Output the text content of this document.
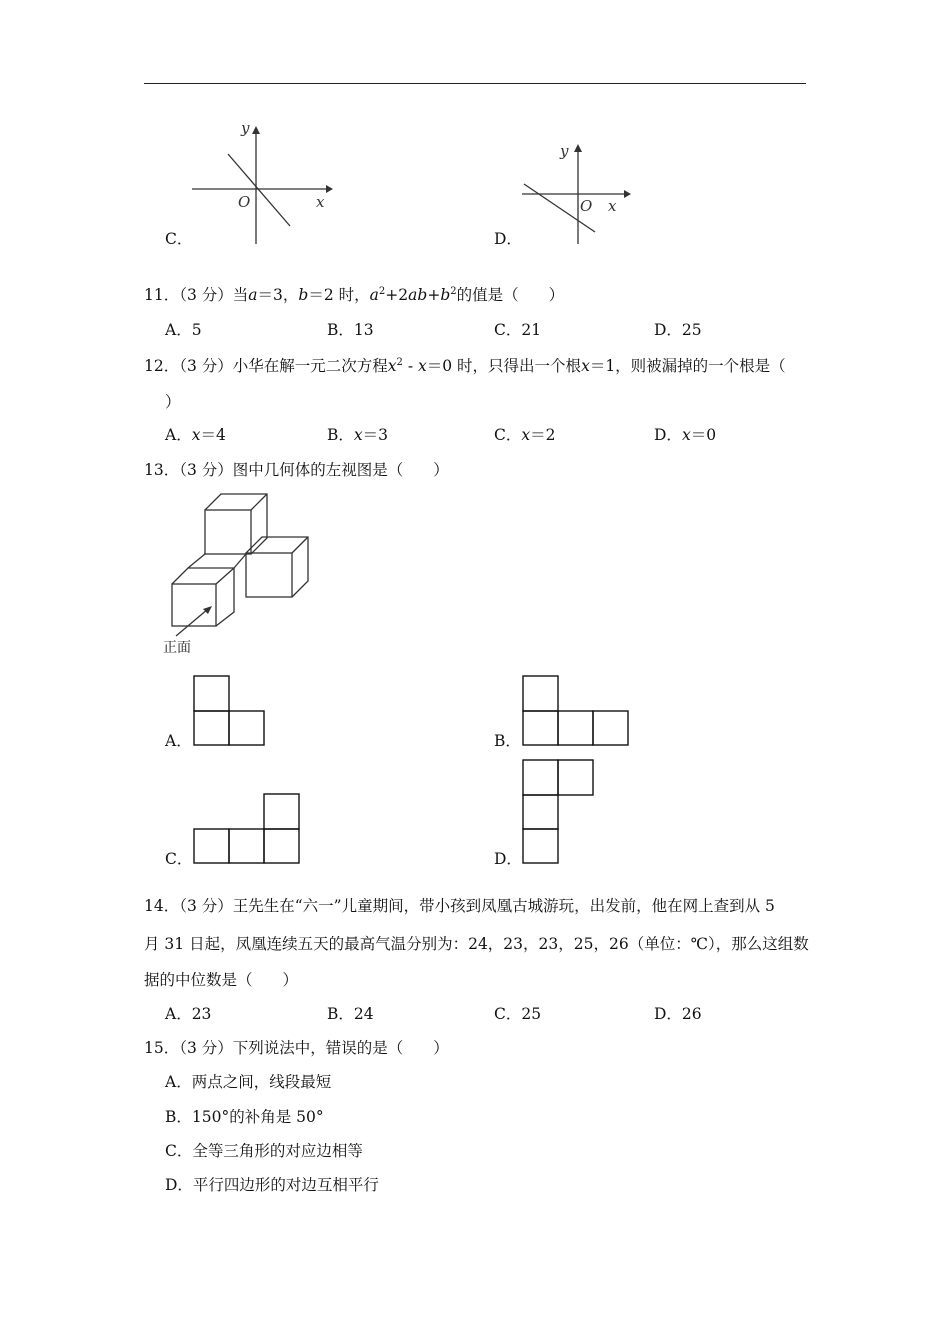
y
x
O
C．
y
x
O
D．
11．（3 分）当a＝3，b＝2 时，$a^2+2ab+b^2$的值是（ ）
A．5	B．13	C．21	D．25
12．（3 分）小华在解一元二次方程$x^2 - x=0$ 时，只得出一个根x＝1，则被漏掉的一个根是（
）
A．x＝4	B．x＝3	C．x＝2	D．x＝0
13．（3 分）图中几何体的左视图是（ ）
正面
A．	B．
C．	D．
14．（3 分）王先生在“六一”儿童期间，带小孩到凤凰古城游玩，出发前，他在网上查到从 5
月 31 日起，凤凰连续五天的最高气温分别为：24，23，23，25，26（单位：℃），那么这组数
据的中位数是（ ）
A．23	B．24	C．25	D．26
15．（3 分）下列说法中，错误的是（ ）
A．两点之间，线段最短
B．150°的补角是 50°
C．全等三角形的对应边相等
D．平行四边形的对边互相平行
